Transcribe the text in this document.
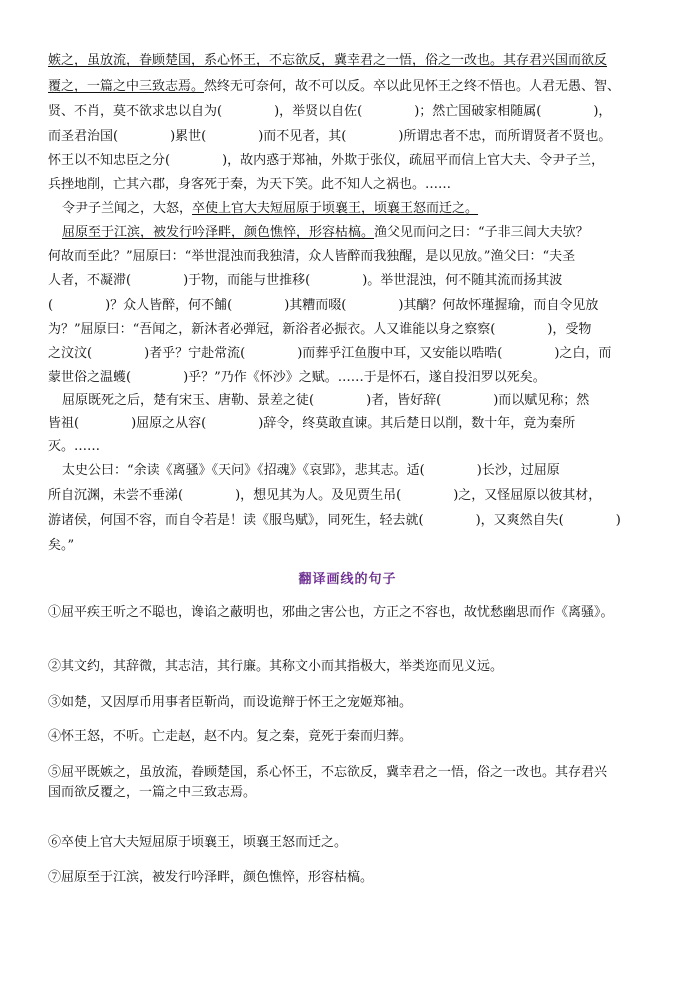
嫉之，虽放流，眷顾楚国，系心怀王，不忘欲反，冀幸君之一悟，俗之一改也。其存君兴国而欲反
覆之，一篇之中三致志焉。然终无可奈何，故不可以反。卒以此见怀王之终不悟也。人君无愚、智、
贤、不肖，莫不欲求忠以自为(　　　　)，举贤以自佐(　　　　)；然亡国破家相随属(　　　　)，
而圣君治国(　　　　)累世(　　　　)而不见者，其(　　　　)所谓忠者不忠，而所谓贤者不贤也。
怀王以不知忠臣之分(　　　　)，故内惑于郑袖，外欺于张仪，疏屈平而信上官大夫、令尹子兰，
兵挫地削，亡其六郡，身客死于秦，为天下笑。此不知人之祸也。……
令尹子兰闻之，大怒，卒使上官大夫短屈原于顷襄王，顷襄王怒而迁之。
屈原至于江滨，被发行吟泽畔，颜色憔悴，形容枯槁。渔父见而问之曰：“子非三闾大夫欤？
何故而至此？”屈原曰：“举世混浊而我独清，众人皆醉而我独醒，是以见放。”渔父曰：“夫圣
人者，不凝滞(　　　　)于物，而能与世推移(　　　　)。举世混浊，何不随其流而扬其波
(　　　　)？众人皆醉，何不餔(　　　　)其糟而啜(　　　　)其醨？何故怀瑾握瑜，而自令见放
为？”屈原曰：“吾闻之，新沐者必弹冠，新浴者必振衣。人又谁能以身之察察(　　　　)，受物
之汶汶(　　　　)者乎？宁赴常流(　　　　)而葬乎江鱼腹中耳，又安能以晧晧(　　　　)之白，而
蒙世俗之温蠖(　　　　)乎？”乃作《怀沙》之赋。……于是怀石，遂自投汨罗以死矣。
屈原既死之后，楚有宋玉、唐勒、景差之徒(　　　　)者，皆好辞(　　　　)而以赋见称；然
皆祖(　　　　)屈原之从容(　　　　)辞令，终莫敢直谏。其后楚日以削，数十年，竟为秦所
灭。……
太史公曰：“余读《离骚》《天问》《招魂》《哀郢》，悲其志。适(　　　　)长沙，过屈原
所自沉渊，未尝不垂涕(　　　　)，想见其为人。及见贾生吊(　　　　)之，又怪屈原以彼其材，
游诸侯，何国不容，而自令若是！读《服鸟赋》，同死生，轻去就(　　　　)，又爽然自失(　　　　)
矣。”
翻译画线的句子
①屈平疾王听之不聪也，谗谄之蔽明也，邪曲之害公也，方正之不容也，故忧愁幽思而作《离骚》。
②其文约，其辞微，其志洁，其行廉。其称文小而其指极大，举类迩而见义远。
③如楚，又因厚币用事者臣靳尚，而设诡辩于怀王之宠姬郑袖。
④怀王怒，不听。亡走赵，赵不内。复之秦，竟死于秦而归葬。
⑤屈平既嫉之，虽放流，眷顾楚国，系心怀王，不忘欲反，冀幸君之一悟，俗之一改也。其存君兴
国而欲反覆之，一篇之中三致志焉。
⑥卒使上官大夫短屈原于顷襄王，顷襄王怒而迁之。
⑦屈原至于江滨，被发行吟泽畔，颜色憔悴，形容枯槁。
